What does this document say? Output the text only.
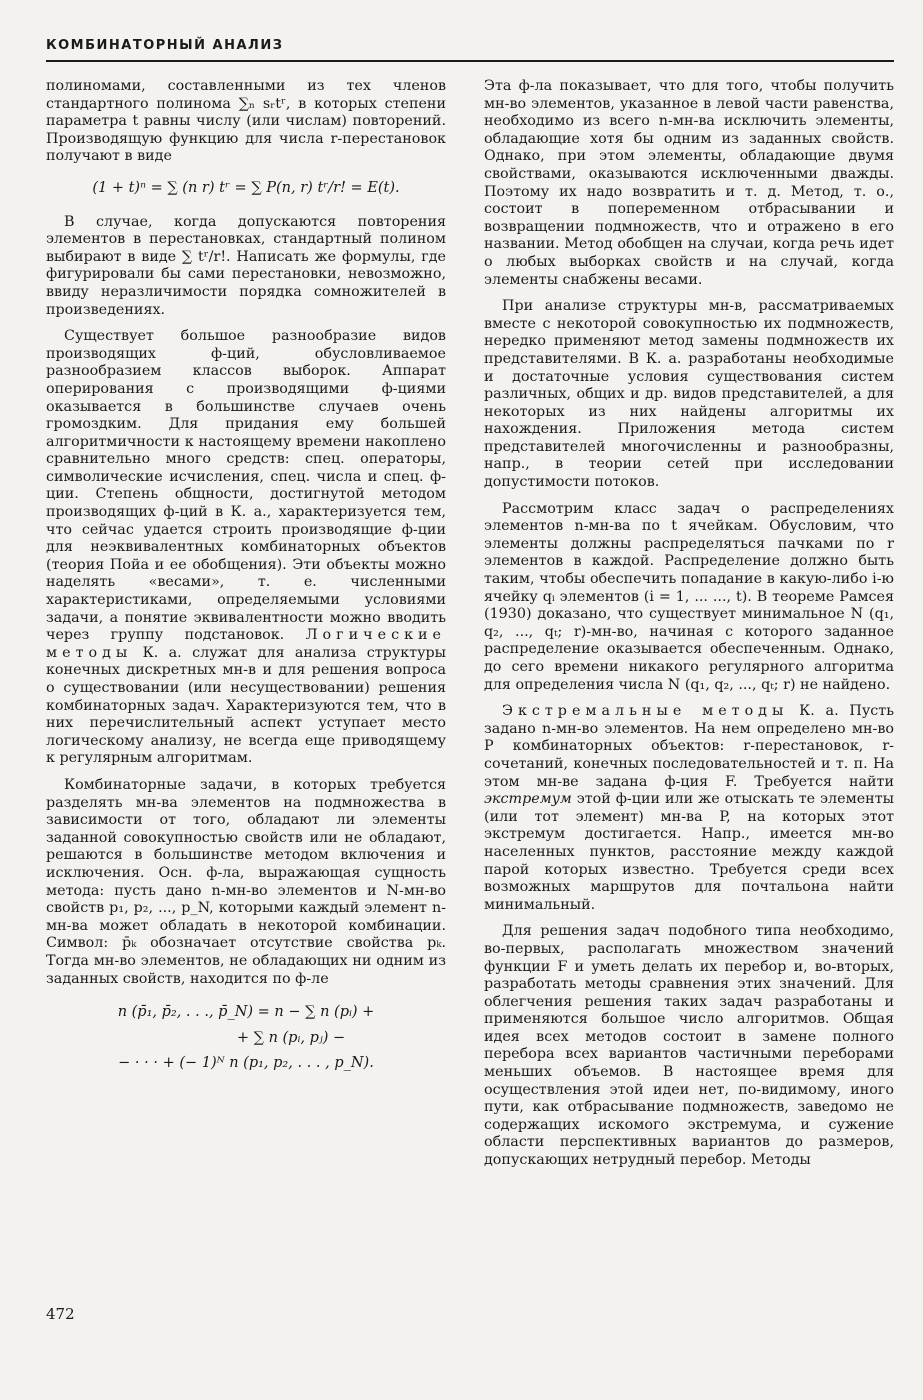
КОМБИНАТОРНЫЙ АНАЛИЗ

полиномами, составленными из тех членов стандартного полинома ∑ₙ sᵣtʳ, в которых степени параметра t равны числу (или числам) повторений. Производящую функцию для числа r-перестановок получают в виде

(1 + t)ⁿ = ∑ (n r) tʳ = ∑ P(n, r) tʳ/r! = E(t).

В случае, когда допускаются повторения элементов в перестановках, стандартный полином выбирают в виде ∑ tʳ/r!. Написать же формулы, где фигурировали бы сами перестановки, невозможно, ввиду неразличимости порядка сомножителей в произведениях.

Существует большое разнообразие видов производящих ф-ций, обусловливаемое разнообразием классов выборок. Аппарат оперирования с производящими ф-циями оказывается в большинстве случаев очень громоздким. Для придания ему большей алгоритмичности к настоящему времени накоплено сравнительно много средств: спец. операторы, символические исчисления, спец. числа и спец. ф-ции. Степень общности, достигнутой методом производящих ф-ций в К. а., характеризуется тем, что сейчас удается строить производящие ф-ции для неэквивалентных комбинаторных объектов (теория Пойа и ее обобщения). Эти объекты можно наделять «весами», т. е. численными характеристиками, определяемыми условиями задачи, а понятие эквивалентности можно вводить через группу подстановок. Логические методы К. а. служат для анализа структуры конечных дискретных мн-в и для решения вопроса о существовании (или несуществовании) решения комбинаторных задач. Характеризуются тем, что в них перечислительный аспект уступает место логическому анализу, не всегда еще приводящему к регулярным алгоритмам.

Комбинаторные задачи, в которых требуется разделять мн-ва элементов на подмножества в зависимости от того, обладают ли элементы заданной совокупностью свойств или не обладают, решаются в большинстве методом включения и исключения. Осн. ф-ла, выражающая сущность метода: пусть дано n-мн-во элементов и N-мн-во свойств p₁, p₂, ..., p_N, которыми каждый элемент n-мн-ва может обладать в некоторой комбинации. Символ: p̄ₖ обозначает отсутствие свойства pₖ. Тогда мн-во элементов, не обладающих ни одним из заданных свойств, находится по ф-ле

n (p̄₁, p̄₂, . . ., p̄_N) = n − ∑ n (pᵢ) +
+ ∑ n (pᵢ, pⱼ) −
− · · · + (− 1)ᴺ n (p₁, p₂, . . . , p_N).

Эта ф-ла показывает, что для того, чтобы получить мн-во элементов, указанное в левой части равенства, необходимо из всего n-мн-ва исключить элементы, обладающие хотя бы одним из заданных свойств. Однако, при этом элементы, обладающие двумя свойствами, оказываются исключенными дважды. Поэтому их надо возвратить и т. д. Метод, т. о., состоит в попеременном отбрасывании и возвращении подмножеств, что и отражено в его названии. Метод обобщен на случаи, когда речь идет о любых выборках свойств и на случай, когда элементы снабжены весами.

При анализе структуры мн-в, рассматриваемых вместе с некоторой совокупностью их подмножеств, нередко применяют метод замены подмножеств их представителями. В К. а. разработаны необходимые и достаточные условия существования систем различных, общих и др. видов представителей, а для некоторых из них найдены алгоритмы их нахождения. Приложения метода систем представителей многочисленны и разнообразны, напр., в теории сетей при исследовании допустимости потоков.

Рассмотрим класс задач о распределениях элементов n-мн-ва по t ячейкам. Обусловим, что элементы должны распределяться пачками по r элементов в каждой. Распределение должно быть таким, чтобы обеспечить попадание в какую-либо i-ю ячейку qᵢ элементов (i = 1, ... ..., t). В теореме Рамсея (1930) доказано, что существует минимальное N (q₁, q₂, ..., qₜ; r)-мн-во, начиная с которого заданное распределение оказывается обеспеченным. Однако, до сего времени никакого регулярного алгоритма для определения числа N (q₁, q₂, ..., qₜ; r) не найдено.

Экстремальные методы К. а. Пусть задано n-мн-во элементов. На нем определено мн-во P комбинаторных объектов: r-перестановок, r-сочетаний, конечных последовательностей и т. п. На этом мн-ве задана ф-ция F. Требуется найти экстремум этой ф-ции или же отыскать те элементы (или тот элемент) мн-ва P, на которых этот экстремум достигается. Напр., имеется мн-во населенных пунктов, расстояние между каждой парой которых известно. Требуется среди всех возможных маршрутов для почтальона найти минимальный.

Для решения задач подобного типа необходимо, во-первых, располагать множеством значений функции F и уметь делать их перебор и, во-вторых, разработать методы сравнения этих значений. Для облегчения решения таких задач разработаны и применяются большое число алгоритмов. Общая идея всех методов состоит в замене полного перебора всех вариантов частичными переборами меньших объемов. В настоящее время для осуществления этой идеи нет, по-видимому, иного пути, как отбрасывание подмножеств, заведомо не содержащих искомого экстремума, и сужение области перспективных вариантов до размеров, допускающих нетрудный перебор. Методы

472
